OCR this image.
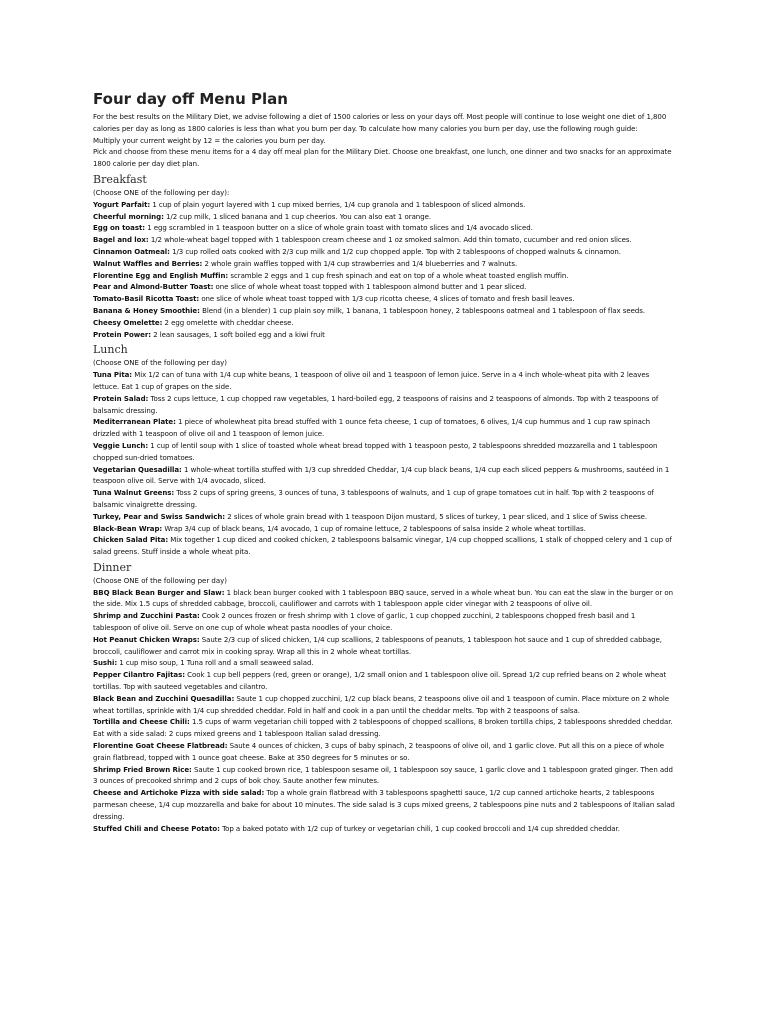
Four day off Menu Plan

For the best results on the Military Diet, we advise following a diet of 1500 calories or less on your days off. Most people will continue to lose weight one diet of 1,800 calories per day as long as 1800 calories is less than what you burn per day. To calculate how many calories you burn per day, use the following rough guide:

Multiply your current weight by 12 = the calories you burn per day.

Pick and choose from these menu items for a 4 day off meal plan for the Military Diet. Choose one breakfast, one lunch, one dinner and two snacks for an approximate 1800 calorie per day diet plan.

Breakfast

(Choose ONE of the following per day):

Yogurt Parfait: 1 cup of plain yogurt layered with 1 cup mixed berries, 1/4 cup granola and 1 tablespoon of sliced almonds.

Cheerful morning: 1/2 cup milk, 1 sliced banana and 1 cup cheerios. You can also eat 1 orange.

Egg on toast: 1 egg scrambled in 1 teaspoon butter on a slice of whole grain toast with tomato slices and 1/4 avocado sliced.

Bagel and lox: 1/2 whole-wheat bagel topped with 1 tablespoon cream cheese and 1 oz smoked salmon. Add thin tomato, cucumber and red onion slices.

Cinnamon Oatmeal: 1/3 cup rolled oats cooked with 2/3 cup milk and 1/2 cup chopped apple. Top with 2 tablespoons of chopped walnuts & cinnamon.

Walnut Waffles and Berries: 2 whole grain waffles topped with 1/4 cup strawberries and 1/4 blueberries and 7 walnuts.

Florentine Egg and English Muffin: scramble 2 eggs and 1 cup fresh spinach and eat on top of a whole wheat toasted english muffin.

Pear and Almond-Butter Toast: one slice of whole wheat toast topped with 1 tablespoon almond butter and 1 pear sliced.

Tomato-Basil Ricotta Toast: one slice of whole wheat toast topped with 1/3 cup ricotta cheese, 4 slices of tomato and fresh basil leaves.

Banana & Honey Smoothie: Blend (in a blender) 1 cup plain soy milk, 1 banana, 1 tablespoon honey, 2 tablespoons oatmeal and 1 tablespoon of flax seeds.

Cheesy Omelette: 2 egg omelette with cheddar cheese.

Protein Power: 2 lean sausages, 1 soft boiled egg and a kiwi fruit

Lunch

(Choose ONE of the following per day)

Tuna Pita: Mix 1/2 can of tuna with 1/4 cup white beans, 1 teaspoon of olive oil and 1 teaspoon of lemon juice. Serve in a 4 inch whole-wheat pita with 2 leaves lettuce. Eat 1 cup of grapes on the side.

Protein Salad: Toss 2 cups lettuce, 1 cup chopped raw vegetables, 1 hard-boiled egg, 2 teaspoons of raisins and 2 teaspoons of almonds. Top with 2 teaspoons of balsamic dressing.

Mediterranean Plate: 1 piece of wholewheat pita bread stuffed with 1 ounce feta cheese, 1 cup of tomatoes, 6 olives, 1/4 cup hummus and 1 cup raw spinach drizzled with 1 teaspoon of olive oil and 1 teaspoon of lemon juice.

Veggie Lunch: 1 cup of lentil soup with 1 slice of toasted whole wheat bread topped with 1 teaspoon pesto, 2 tablespoons shredded mozzarella and 1 tablespoon chopped sun-dried tomatoes.

Vegetarian Quesadilla: 1 whole-wheat tortilla stuffed with 1/3 cup shredded Cheddar, 1/4 cup black beans, 1/4 cup each sliced peppers & mushrooms, sautéed in 1 teaspoon olive oil. Serve with 1/4 avocado, sliced.

Tuna Walnut Greens: Toss 2 cups of spring greens, 3 ounces of tuna, 3 tablespoons of walnuts, and 1 cup of grape tomatoes cut in half. Top with 2 teaspoons of balsamic vinaigrette dressing.

Turkey, Pear and Swiss Sandwich: 2 slices of whole grain bread with 1 teaspoon Dijon mustard, 5 slices of turkey, 1 pear sliced, and 1 slice of Swiss cheese.

Black-Bean Wrap: Wrap 3/4 cup of black beans, 1/4 avocado, 1 cup of romaine lettuce, 2 tablespoons of salsa inside 2 whole wheat tortillas.

Chicken Salad Pita: Mix together 1 cup diced and cooked chicken, 2 tablespoons balsamic vinegar, 1/4 cup chopped scallions, 1 stalk of chopped celery and 1 cup of salad greens. Stuff inside a whole wheat pita.

Dinner

(Choose ONE of the following per day)

BBQ Black Bean Burger and Slaw: 1 black bean burger cooked with 1 tablespoon BBQ sauce, served in a whole wheat bun. You can eat the slaw in the burger or on the side. Mix 1.5 cups of shredded cabbage, broccoli, cauliflower and carrots with 1 tablespoon apple cider vinegar with 2 teaspoons of olive oil.

Shrimp and Zucchini Pasta: Cook 2 ounces frozen or fresh shrimp with 1 clove of garlic, 1 cup chopped zucchini, 2 tablespoons chopped fresh basil and 1 tablespoon of olive oil. Serve on one cup of whole wheat pasta noodles of your choice.

Hot Peanut Chicken Wraps: Saute 2/3 cup of sliced chicken, 1/4 cup scallions, 2 tablespoons of peanuts, 1 tablespoon hot sauce and 1 cup of shredded cabbage, broccoli, cauliflower and carrot mix in cooking spray. Wrap all this in 2 whole wheat tortillas.

Sushi: 1 cup miso soup, 1 Tuna roll and a small seaweed salad.

Pepper Cilantro Fajitas: Cook 1 cup bell peppers (red, green or orange), 1/2 small onion and 1 tablespoon olive oil. Spread 1/2 cup refried beans on 2 whole wheat tortillas. Top with sauteed vegetables and cilantro.

Black Bean and Zucchini Quesadilla: Saute 1 cup chopped zucchini, 1/2 cup black beans, 2 teaspoons olive oil and 1 teaspoon of cumin. Place mixture on 2 whole wheat tortillas, sprinkle with 1/4 cup shredded cheddar. Fold in half and cook in a pan until the cheddar melts. Top with 2 teaspoons of salsa.

Tortilla and Cheese Chili: 1.5 cups of warm vegetarian chili topped with 2 tablespoons of chopped scallions, 8 broken tortilla chips, 2 tablespoons shredded cheddar. Eat with a side salad: 2 cups mixed greens and 1 tablespoon Italian salad dressing.

Florentine Goat Cheese Flatbread: Saute 4 ounces of chicken, 3 cups of baby spinach, 2 teaspoons of olive oil, and 1 garlic clove. Put all this on a piece of whole grain flatbread, topped with 1 ounce goat cheese. Bake at 350 degrees for 5 minutes or so.

Shrimp Fried Brown Rice: Saute 1 cup cooked brown rice, 1 tablespoon sesame oil, 1 tablespoon soy sauce, 1 garlic clove and 1 tablespoon grated ginger. Then add 3 ounces of precooked shrimp and 2 cups of bok choy. Saute another few minutes.

Cheese and Artichoke Pizza with side salad: Top a whole grain flatbread with 3 tablespoons spaghetti sauce, 1/2 cup canned artichoke hearts, 2 tablespoons parmesan cheese, 1/4 cup mozzarella and bake for about 10 minutes. The side salad is 3 cups mixed greens, 2 tablespoons pine nuts and 2 tablespoons of Italian salad dressing.

Stuffed Chili and Cheese Potato: Top a baked potato with 1/2 cup of turkey or vegetarian chili, 1 cup cooked broccoli and 1/4 cup shredded cheddar.
